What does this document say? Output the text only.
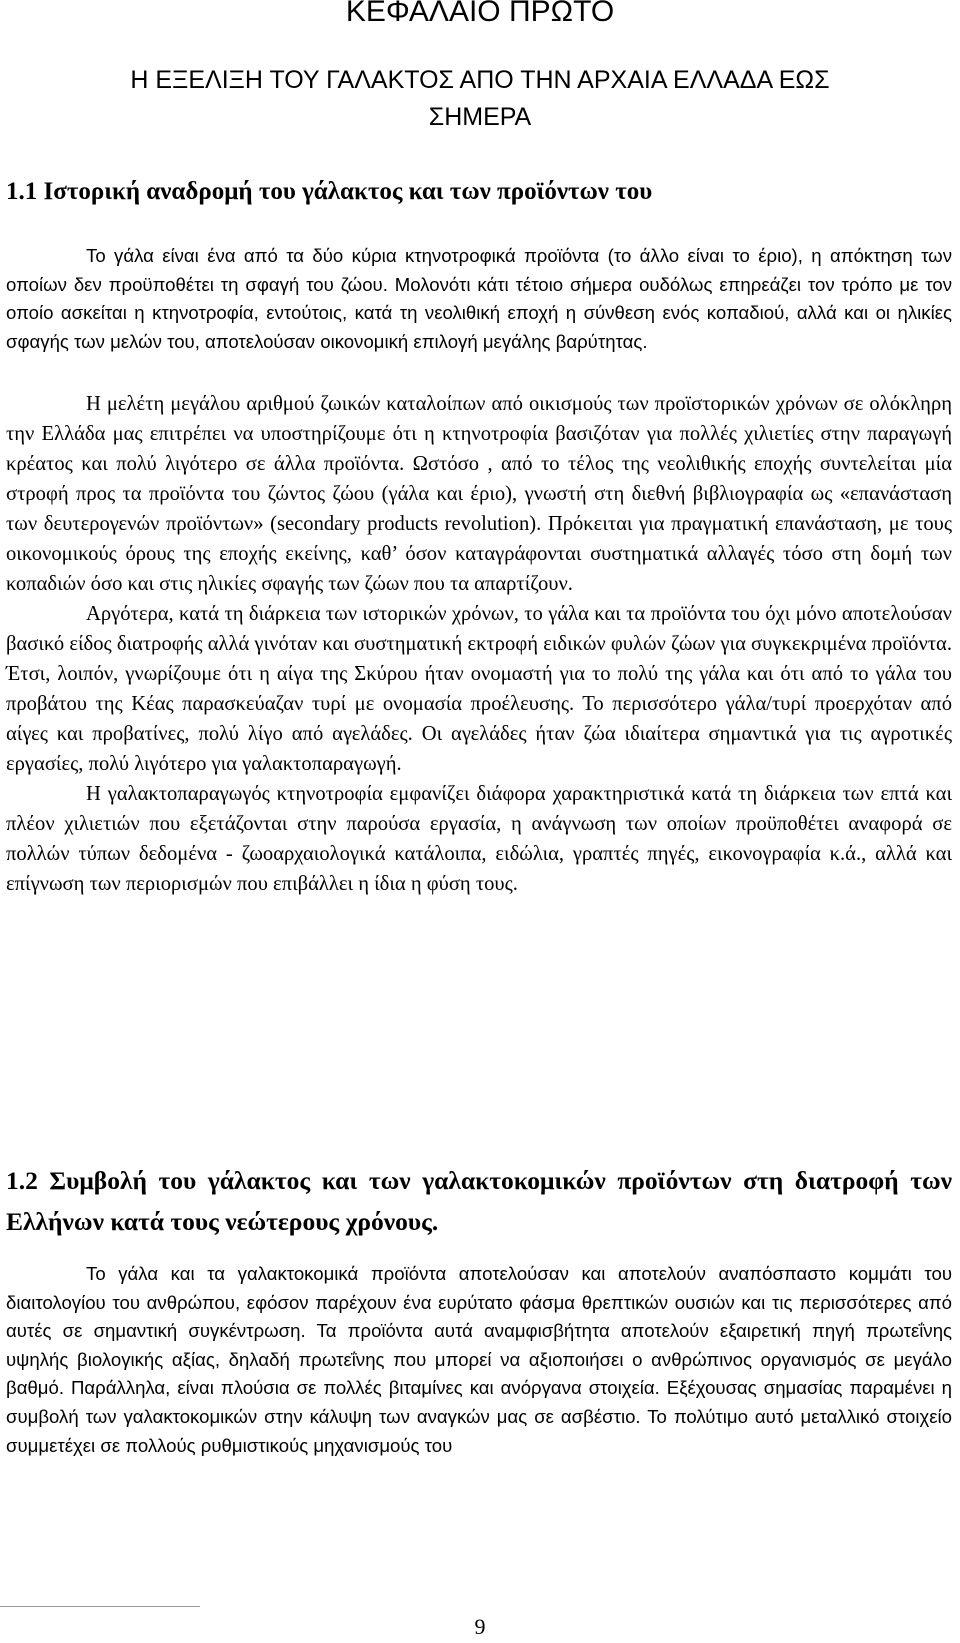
ΚΕΦΑΛΑΙΟ ΠΡΩΤΟ
Η ΕΞΕΛΙΞΗ ΤΟΥ ΓΑΛΑΚΤΟΣ ΑΠΟ ΤΗΝ ΑΡΧΑΙΑ ΕΛΛΑΔΑ ΕΩΣ
ΣΗΜΕΡΑ
1.1 Ιστορική αναδρομή του γάλακτος και των προϊόντων του

Το γάλα είναι ένα από τα δύο κύρια κτηνοτροφικά προϊόντα (το άλλο είναι το έριο), η απόκτηση των οποίων δεν προϋποθέτει τη σφαγή του ζώου. Μολονότι κάτι τέτοιο σήμερα ουδόλως επηρεάζει τον τρόπο με τον οποίο ασκείται η κτηνοτροφία, εντούτοις, κατά τη νεολιθική εποχή η σύνθεση ενός κοπαδιού, αλλά και οι ηλικίες σφαγής των μελών του, αποτελούσαν οικονομική επιλογή μεγάλης βαρύτητας.

Η μελέτη μεγάλου αριθμού ζωικών καταλοίπων από οικισμούς των προϊστορικών χρόνων σε ολόκληρη την Ελλάδα μας επιτρέπει να υποστηρίζουμε ότι η κτηνοτροφία βασιζόταν για πολλές χιλιετίες στην παραγωγή κρέατος και πολύ λιγότερο σε άλλα προϊόντα. Ωστόσο , από το τέλος της νεολιθικής εποχής συντελείται μία στροφή προς τα προϊόντα του ζώντος ζώου (γάλα και έριο), γνωστή στη διεθνή βιβλιογραφία ως «επανάσταση των δευτερογενών προϊόντων» (secondary products revolution). Πρόκειται για πραγματική επανάσταση, με τους οικονομικούς όρους της εποχής εκείνης, καθ’ όσον καταγράφονται συστηματικά αλλαγές τόσο στη δομή των κοπαδιών όσο και στις ηλικίες σφαγής των ζώων που τα απαρτίζουν.

Αργότερα, κατά τη διάρκεια των ιστορικών χρόνων, το γάλα και τα προϊόντα του όχι μόνο αποτελούσαν βασικό είδος διατροφής αλλά γινόταν και συστηματική εκτροφή ειδικών φυλών ζώων για συγκεκριμένα προϊόντα. Έτσι, λοιπόν, γνωρίζουμε ότι η αίγα της Σκύρου ήταν ονομαστή για το πολύ της γάλα και ότι από το γάλα του προβάτου της Κέας παρασκεύαζαν τυρί με ονομασία προέλευσης. Το περισσότερο γάλα/τυρί προερχόταν από αίγες και προβατίνες, πολύ λίγο από αγελάδες. Οι αγελάδες ήταν ζώα ιδιαίτερα σημαντικά για τις αγροτικές εργασίες, πολύ λιγότερο για γαλακτοπαραγωγή.

Η γαλακτοπαραγωγός κτηνοτροφία εμφανίζει διάφορα χαρακτηριστικά κατά τη διάρκεια των επτά και πλέον χιλιετιών που εξετάζονται στην παρούσα εργασία, η ανάγνωση των οποίων προϋποθέτει αναφορά σε πολλών τύπων δεδομένα - ζωοαρχαιολογικά κατάλοιπα, ειδώλια, γραπτές πηγές, εικονογραφία κ.ά., αλλά και επίγνωση των περιορισμών που επιβάλλει η ίδια η φύση τους.

1.2 Συμβολή του γάλακτος και των γαλακτοκομικών προϊόντων στη διατροφή των Ελλήνων κατά τους νεώτερους χρόνους.

Το γάλα και τα γαλακτοκομικά προϊόντα αποτελούσαν και αποτελούν αναπόσπαστο κομμάτι του διαιτολογίου του ανθρώπου, εφόσον παρέχουν ένα ευρύτατο φάσμα θρεπτικών ουσιών και τις περισσότερες από αυτές σε σημαντική συγκέντρωση. Τα προϊόντα αυτά αναμφισβήτητα αποτελούν εξαιρετική πηγή πρωτεΐνης υψηλής βιολογικής αξίας, δηλαδή πρωτεΐνης που μπορεί να αξιοποιήσει ο ανθρώπινος οργανισμός σε μεγάλο βαθμό. Παράλληλα, είναι πλούσια σε πολλές βιταμίνες και ανόργανα στοιχεία. Εξέχουσας σημασίας παραμένει η συμβολή των γαλακτοκομικών στην κάλυψη των αναγκών μας σε ασβέστιο. Το πολύτιμο αυτό μεταλλικό στοιχείο συμμετέχει σε πολλούς ρυθμιστικούς μηχανισμούς του

9
